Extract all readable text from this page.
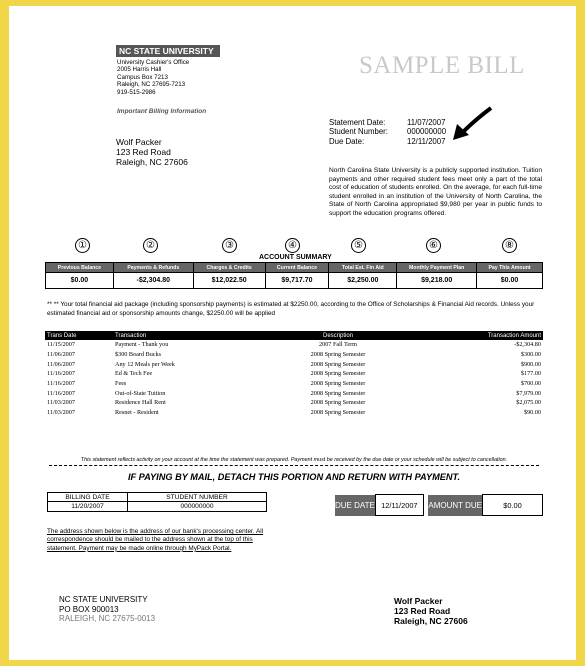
NC STATE UNIVERSITY
University Cashier's Office
2005 Harris Hall
Campus Box 7213
Raleigh, NC 27695-7213
919-515-2986
Important Billing Information
SAMPLE BILL
Wolf Packer
123 Red Road
Raleigh, NC 27606
Statement Date:	11/07/2007
Student Number:	000000000
Due Date:	12/11/2007
North Carolina State University is a publicly supported institution. Tuition payments and other required student fees meet only a part of the total cost of education of students enrolled. On the average, for each full-time student enrolled in an institution of the University of North Carolina, the State of North Carolina appropriated $9,980 per year in public funds to support the education programs offered.
①	②	③	④	⑤	⑥	⑧
ACCOUNT SUMMARY
Previous Balance	Payments & Refunds	Charges & Credits	Current Balance	Total Est. Fin Aid	Monthly Payment Plan	Pay This Amount
$0.00	-$2,304.80	$12,022.50	$9,717.70	$2,250.00	$9,218.00	$0.00
** ** Your total financial aid package (including sponsorship payments) is estimated at $2250.00, according to the Office of Scholarships & Financial Aid records. Unless your estimated financial aid or sponsorship amounts change, $2250.00 will be applied
Trans Date	Transaction	Description	Transaction Amount
11/15/2007	Payment - Thank you	2007 Fall Term	-$2,304.80
11/06/2007	$300 Board Bucks	2008 Spring Semester	$300.00
11/06/2007	Any 12 Meals per Week	2008 Spring Semester	$900.00
11/16/2007	Ed & Tech Fee	2008 Spring Semester	$177.00
11/16/2007	Fees	2008 Spring Semester	$700.00
11/16/2007	Out-of-State Tuition	2008 Spring Semester	$7,979.00
11/03/2007	Residence Hall Rent	2008 Spring Semester	$2,075.00
11/03/2007	Resnet - Resident	2008 Spring Semester	$90.00
This statement reflects activity on your account at the time the statement was prepared. Payment must be received by the due date or your schedule will be subject to cancellation.
IF PAYING BY MAIL, DETACH THIS PORTION AND RETURN WITH PAYMENT.
BILLING DATE	STUDENT NUMBER
11/20/2007	000000000	DUE DATE	12/11/2007		AMOUNT DUE	$0.00
The address shown below is the address of our bank's processing center. All correspondence should be mailed to the address shown at the top of this statement. Payment may be made online through MyPack Portal.
NC STATE UNIVERSITY
PO BOX 900013
RALEIGH, NC 27675-0013
Wolf Packer
123 Red Road
Raleigh, NC 27606
